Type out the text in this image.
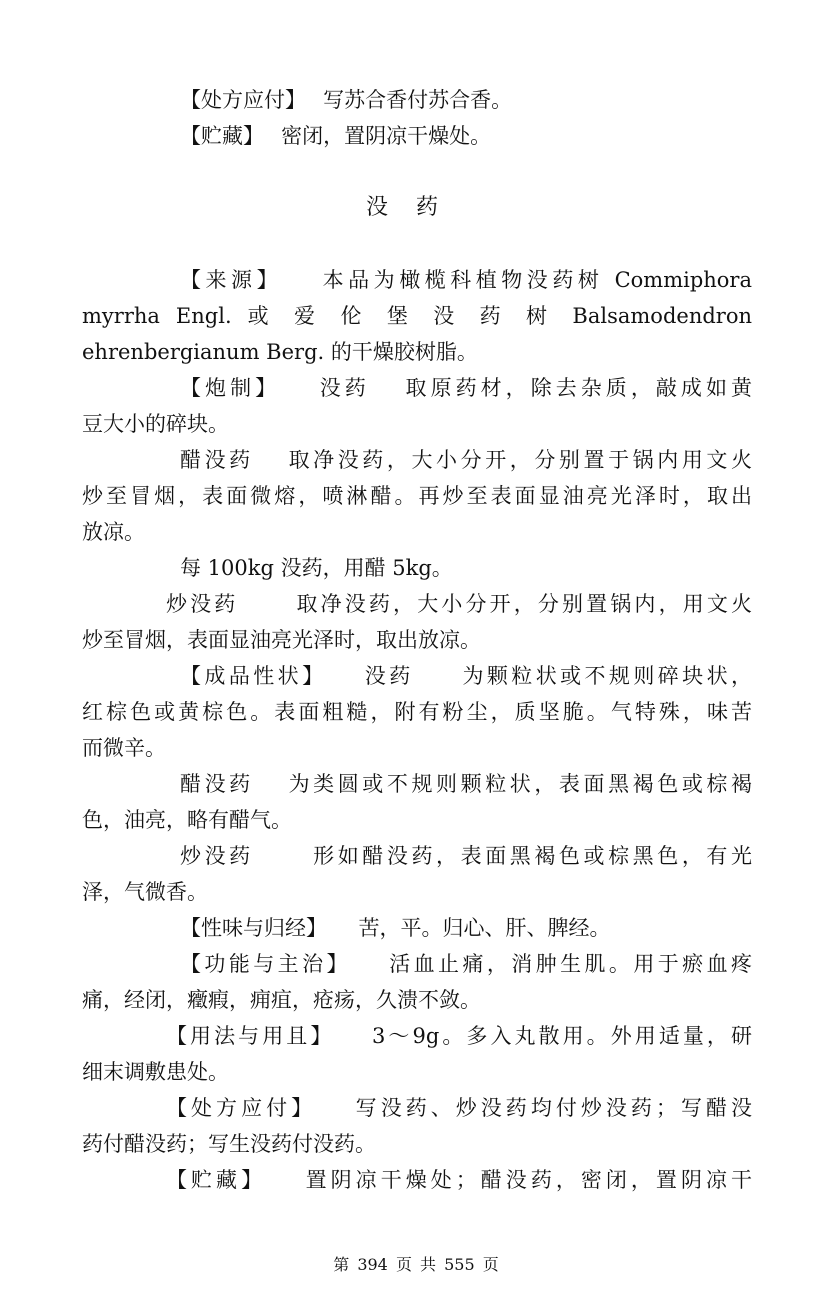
【处方应付】　 写苏合香付苏合香。
【贮藏】　 密闭，置阴凉干燥处。
没药
【来源】　　本品为橄榄科植物没药树 Commiphora
myrrha Engl. 或 爱 伦 堡 没 药 树 Balsamodendron
ehrenbergianum Berg. 的干燥胶树脂。
【炮制】　　没药　 取原药材，除去杂质，敲成如黄
豆大小的碎块。
醋没药　 取净没药，大小分开，分别置于锅内用文火
炒至冒烟，表面微熔，喷淋醋。再炒至表面显油亮光泽时，取出
放凉。
每 100kg 没药，用醋 5kg。
炒没药　　 取净没药，大小分开，分别置锅内，用文火
炒至冒烟，表面显油亮光泽时，取出放凉。
【成品性状】　　没药　　为颗粒状或不规则碎块状，
红棕色或黄棕色。表面粗糙，附有粉尘，质坚脆。气特殊，味苦
而微辛。
醋没药　 为类圆或不规则颗粒状，表面黑褐色或棕褐
色，油亮，略有醋气。
炒没药　　 形如醋没药，表面黑褐色或棕黑色，有光
泽，气微香。
【性味与归经】　　苦，平。归心、肝、脾经。
【功能与主治】　　活血止痛，消肿生肌。用于瘀血疼
痛，经闭，癥瘕，痈疽，疮疡，久溃不敛。
【用法与用且】　　3～9g。多入丸散用。外用适量，研
细末调敷患处。
【处方应付】　　写没药、炒没药均付炒没药；写醋没
药付醋没药；写生没药付没药。
【贮藏】　　置阴凉干燥处；醋没药，密闭，置阴凉干
第 394 页 共 555 页
